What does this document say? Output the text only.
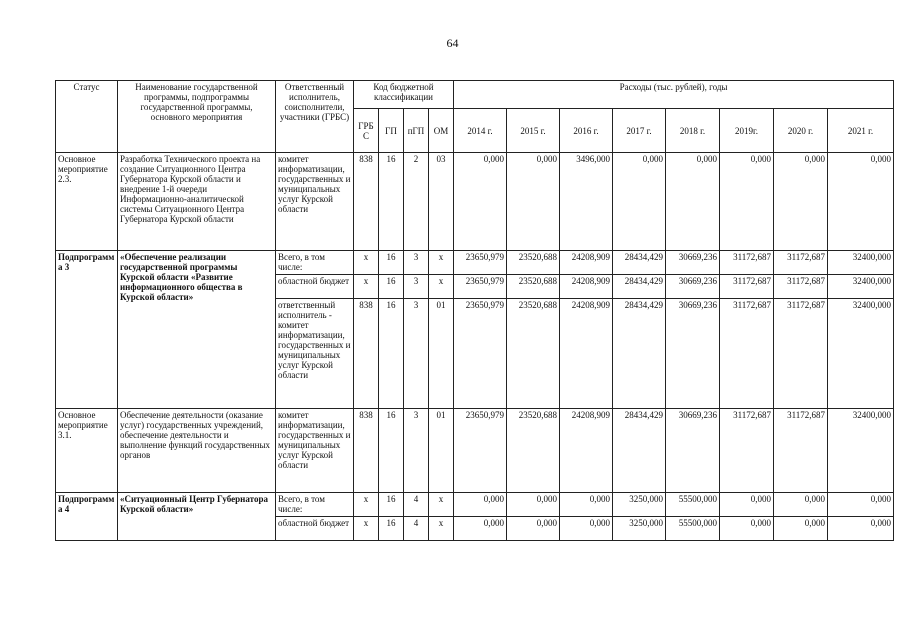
64
Статус	Наименование государственной программы, подпрограммы государственной программы, основного мероприятия	Ответственный исполнитель, соисполнители, участники (ГРБС)	Код бюджетной классификации				Расходы (тыс. рублей), годы							
			ГРБС	ГП	пГП	ОМ	2014 г.	2015 г.	2016 г.	2017 г.	2018 г.	2019г.	2020 г.	2021 г.
Основное мероприятие 2.3.	Разработка Технического проекта на создание Ситуационного Центра Губернатора Курской области и внедрение 1-й очереди Информационно-аналитической системы Ситуационного Центра Губернатора Курской области	комитет информатизации, государственных и муниципальных услуг Курской области	838	16	2	03	0,000	0,000	3496,000	0,000	0,000	0,000	0,000	0,000
Подпрограмма 3	«Обеспечение реализации государственной программы Курской области «Развитие информационного общества в Курской области»	Всего, в том числе:	х	16	3	х	23650,979	23520,688	24208,909	28434,429	30669,236	31172,687	31172,687	32400,000
		областной бюджет	х	16	3	х	23650,979	23520,688	24208,909	28434,429	30669,236	31172,687	31172,687	32400,000
		ответственный исполнитель - комитет информатизации, государственных и муниципальных услуг Курской области	838	16	3	01	23650,979	23520,688	24208,909	28434,429	30669,236	31172,687	31172,687	32400,000
Основное мероприятие 3.1.	Обеспечение деятельности (оказание услуг) государственных учреждений, обеспечение деятельности и выполнение функций государственных органов	комитет информатизации, государственных и муниципальных услуг Курской области	838	16	3	01	23650,979	23520,688	24208,909	28434,429	30669,236	31172,687	31172,687	32400,000
Подпрограмма 4	«Ситуационный Центр Губернатора Курской области»	Всего, в том числе:	х	16	4	х	0,000	0,000	0,000	3250,000	55500,000	0,000	0,000	0,000
		областной бюджет	х	16	4	х	0,000	0,000	0,000	3250,000	55500,000	0,000	0,000	0,000
